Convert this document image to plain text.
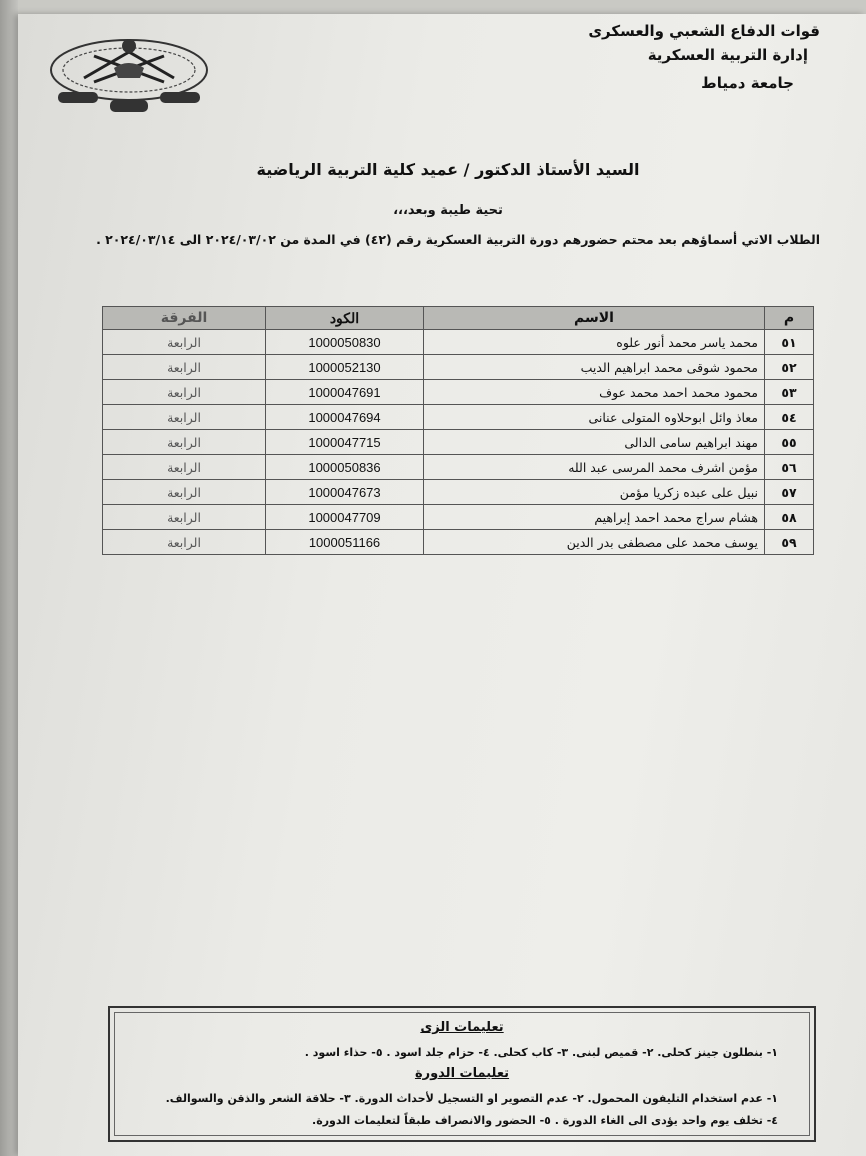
قوات الدفاع الشعبي والعسكرى
إدارة التربية العسكرية
جامعة دمياط
السيد الأستاذ الدكتور / عميد كلية التربية الرياضية
تحية طيبة وبعد،،،
الطلاب الاتي أسماؤهم بعد محتم حضورهم دورة التربية العسكرية رقم (٤٢) في المدة من ٢٠٢٤/٠٣/٠٢ الى ٢٠٢٤/٠٣/١٤ .
الفرقة	الكود	الاسم	م
الرابعة	1000050830	محمد ياسر محمد أنور علوه	٥١
الرابعة	1000052130	محمود شوقى محمد ابراهيم الديب	٥٢
الرابعة	1000047691	محمود محمد احمد محمد عوف	٥٣
الرابعة	1000047694	معاذ وائل ابوحلاوه المتولى عنانى	٥٤
الرابعة	1000047715	مهند ابراهيم سامى الدالى	٥٥
الرابعة	1000050836	مؤمن اشرف محمد المرسى عبد الله	٥٦
الرابعة	1000047673	نبيل على عبده زكريا مؤمن	٥٧
الرابعة	1000047709	هشام سراج محمد احمد إبراهيم	٥٨
الرابعة	1000051166	يوسف محمد على مصطفى بدر الدين	٥٩
تعليمات الزى
١- بنطلون جينز كحلى. ٢- قميص لبنى. ٣- كاب كحلى. ٤- حزام جلد اسود . ٥- حذاء اسود .
تعليمات الدورة
١- عدم استخدام التليفون المحمول. ٢- عدم التصوير او التسجيل لأحداث الدورة. ٣- حلاقة الشعر والذقن والسوالف.
٤- تخلف يوم واحد يؤدى الى الغاء الدورة . ٥- الحضور والانصراف طبقاً لتعليمات الدورة.
